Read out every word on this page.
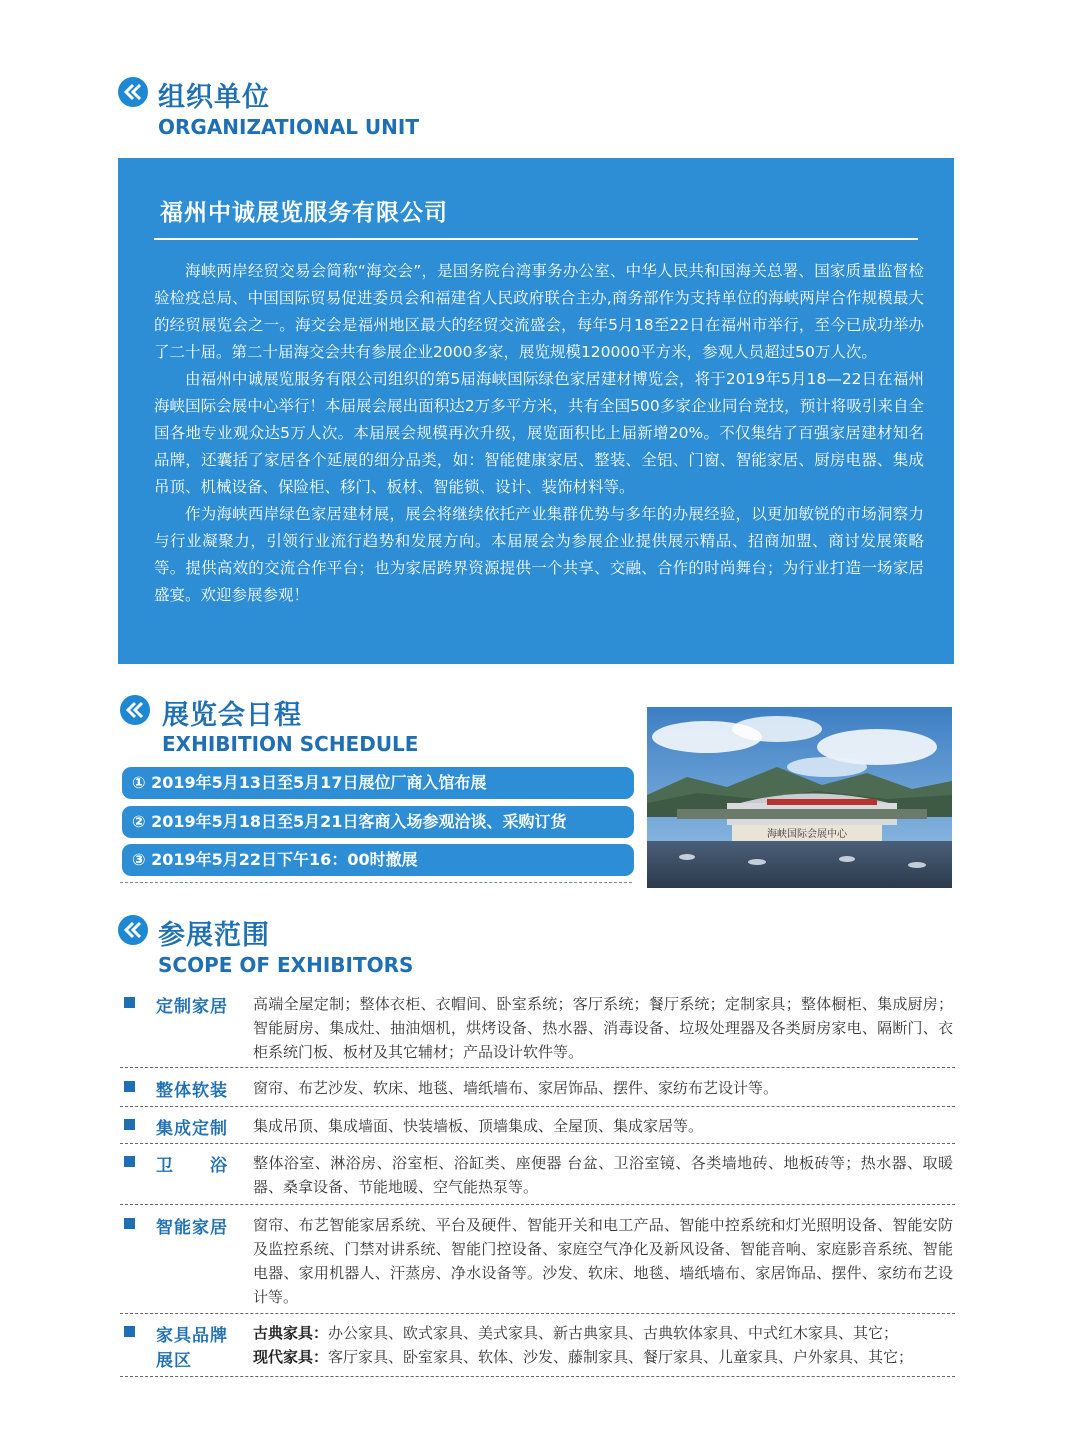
组织单位
ORGANIZATIONAL UNIT
福州中诚展览服务有限公司

海峡两岸经贸交易会简称“海交会”，是国务院台湾事务办公室、中华人民共和国海关总署、国家质量监督检验检疫总局、中国国际贸易促进委员会和福建省人民政府联合主办,商务部作为支持单位的海峡两岸合作规模最大的经贸展览会之一。海交会是福州地区最大的经贸交流盛会，每年5月18至22日在福州市举行，至今已成功举办了二十届。第二十届海交会共有参展企业2000多家，展览规模120000平方米，参观人员超过50万人次。

由福州中诚展览服务有限公司组织的第5届海峡国际绿色家居建材博览会，将于2019年5月18—22日在福州海峡国际会展中心举行！本届展会展出面积达2万多平方米，共有全国500多家企业同台竞技，预计将吸引来自全国各地专业观众达5万人次。本届展会规模再次升级，展览面积比上届新增20%。不仅集结了百强家居建材知名品牌，还囊括了家居各个延展的细分品类，如：智能健康家居、整装、全铝、门窗、智能家居、厨房电器、集成吊顶、机械设备、保险柜、移门、板材、智能锁、设计、装饰材料等。

作为海峡西岸绿色家居建材展，展会将继续依托产业集群优势与多年的办展经验，以更加敏锐的市场洞察力与行业凝聚力，引领行业流行趋势和发展方向。本届展会为参展企业提供展示精品、招商加盟、商讨发展策略等。提供高效的交流合作平台；也为家居跨界资源提供一个共享、交融、合作的时尚舞台；为行业打造一场家居盛宴。欢迎参展参观！

展览会日程
EXHIBITION SCHEDULE
① 2019年5月13日至5月17日展位厂商入馆布展
② 2019年5月18日至5月21日客商入场参观洽谈、采购订货
③ 2019年5月22日下午16：00时撤展
海峡国际会展中心
参展范围
SCOPE OF EXHIBITORS
定制家居 高端全屋定制；整体衣柜、衣帽间、卧室系统；客厅系统；餐厅系统；定制家具；整体橱柜、集成厨房；智能厨房、集成灶、抽油烟机，烘烤设备、热水器、消毒设备、垃圾处理器及各类厨房家电、隔断门、衣柜系统门板、板材及其它辅材；产品设计软件等。
整体软装 窗帘、布艺沙发、软床、地毯、墙纸墙布、家居饰品、摆件、家纺布艺设计等。
集成定制 集成吊顶、集成墙面、快装墙板、顶墙集成、全屋顶、集成家居等。
卫　　浴 整体浴室、淋浴房、浴室柜、浴缸类、座便器 台盆、卫浴室镜、各类墙地砖、地板砖等；热水器、取暖器、桑拿设备、节能地暖、空气能热泵等。
智能家居 窗帘、布艺智能家居系统、平台及硬件、智能开关和电工产品、智能中控系统和灯光照明设备、智能安防及监控系统、门禁对讲系统、智能门控设备、家庭空气净化及新风设备、智能音响、家庭影音系统、智能电器、家用机器人、汗蒸房、净水设备等。沙发、软床、地毯、墙纸墙布、家居饰品、摆件、家纺布艺设计等。
家具品牌
展区
古典家具：办公家具、欧式家具、美式家具、新古典家具、古典软体家具、中式红木家具、其它；
现代家具：客厅家具、卧室家具、软体、沙发、藤制家具、餐厅家具、儿童家具、户外家具、其它；
